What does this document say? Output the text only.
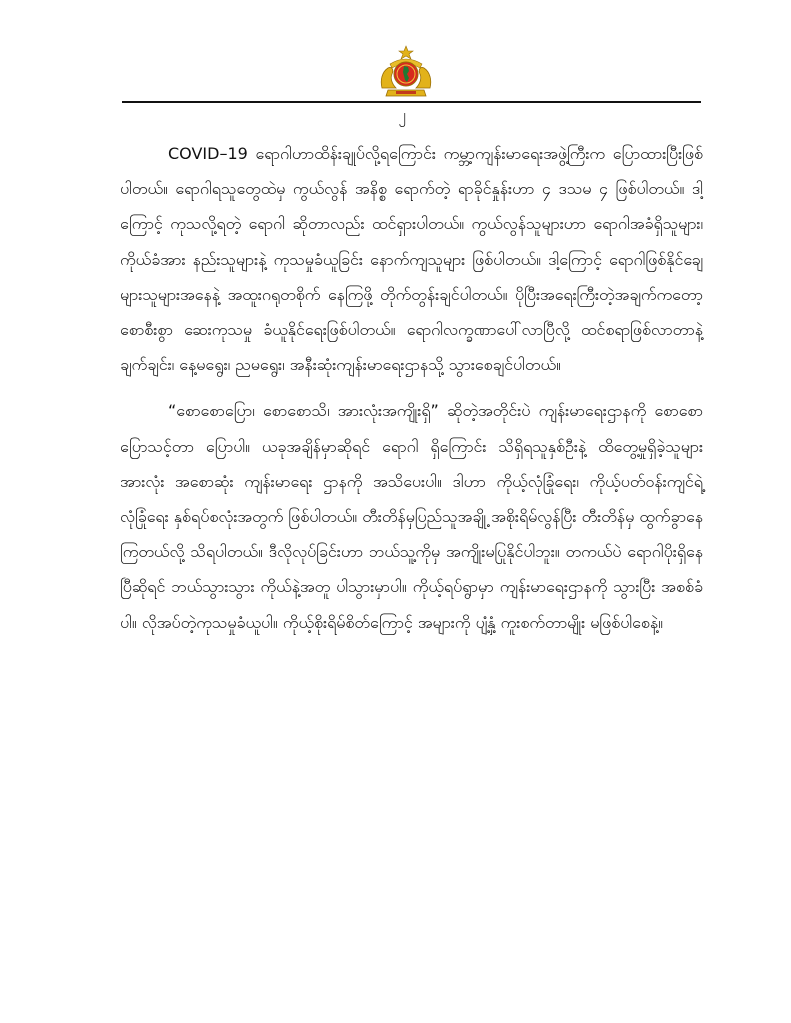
၂

COVID–19 ရောဂါဟာထိန်းချုပ်လို့ရကြောင်း ကမ္ဘာ့ကျန်းမာရေးအဖွဲ့ကြီးက ပြောထားပြီးဖြစ်ပါတယ်။ ရောဂါရသူတွေထဲမှ ကွယ်လွန် အနိစ္စ ရောက်တဲ့ ရာခိုင်နှုန်းဟာ ၄ ဒသမ ၄ ဖြစ်ပါတယ်။ ဒါ့ကြောင့် ကုသလို့ရတဲ့ ရောဂါ ဆိုတာလည်း ထင်ရှားပါတယ်။ ကွယ်လွန်သူများဟာ ရောဂါအခံရှိသူများ၊ ကိုယ်ခံအား နည်းသူများနဲ့ ကုသမှုခံယူခြင်း နောက်ကျသူများ ဖြစ်ပါတယ်။ ဒါ့ကြောင့် ရောဂါဖြစ်နိုင်ချေများသူများအနေနဲ့ အထူးဂရုတစိုက် နေကြဖို့ တိုက်တွန်းချင်ပါတယ်။ ပိုပြီးအရေးကြီးတဲ့အချက်ကတော့ စောစီးစွာ ဆေးကုသမှု ခံယူနိုင်ရေးဖြစ်ပါတယ်။ ရောဂါလက္ခဏာပေါ်လာပြီလို့ ထင်စရာဖြစ်လာတာနဲ့ ချက်ချင်း၊ နေ့မရွေး၊ ညမရွေး၊ အနီးဆုံးကျန်းမာရေးဌာနသို့ သွားစေချင်ပါတယ်။

“စောစောပြော၊ စောစောသိ၊ အားလုံးအကျိုးရှိ” ဆိုတဲ့အတိုင်းပဲ ကျန်းမာရေးဌာနကို စောစောပြောသင့်တာ ပြောပါ။ ယခုအချိန်မှာဆိုရင် ရောဂါ ရှိကြောင်း သိရှိရသူနှစ်ဦးနဲ့ ထိတွေ့မှုရှိခဲ့သူများအားလုံး အစောဆုံး ကျန်းမာရေး ဌာနကို အသိပေးပါ။ ဒါဟာ ကိုယ့်လုံခြုံရေး၊ ကိုယ့်ပတ်ဝန်းကျင်ရဲ့ လုံခြုံရေး နှစ်ရပ်စလုံးအတွက် ဖြစ်ပါတယ်။ တီးတိန်မှပြည်သူအချို့ အစိုးရိမ်လွန်ပြီး တီးတိန်မှ ထွက်ခွာနေကြတယ်လို့ သိရပါတယ်။ ဒီလိုလုပ်ခြင်းဟာ ဘယ်သူ့ကိုမှ အကျိုးမပြုနိုင်ပါဘူး။ တကယ်ပဲ ရောဂါပိုးရှိနေပြီဆိုရင် ဘယ်သွားသွား ကိုယ်နဲ့အတူ ပါသွားမှာပါ။ ကိုယ့်ရပ်ရွာမှာ ကျန်းမာရေးဌာနကို သွားပြီး အစစ်ခံပါ။ လိုအပ်တဲ့ကုသမှုခံယူပါ။ ကိုယ့်စိုးရိမ်စိတ်ကြောင့် အများကို ပျံ့နှံ့ ကူးစက်တာမျိုး မဖြစ်ပါစေနဲ့။
